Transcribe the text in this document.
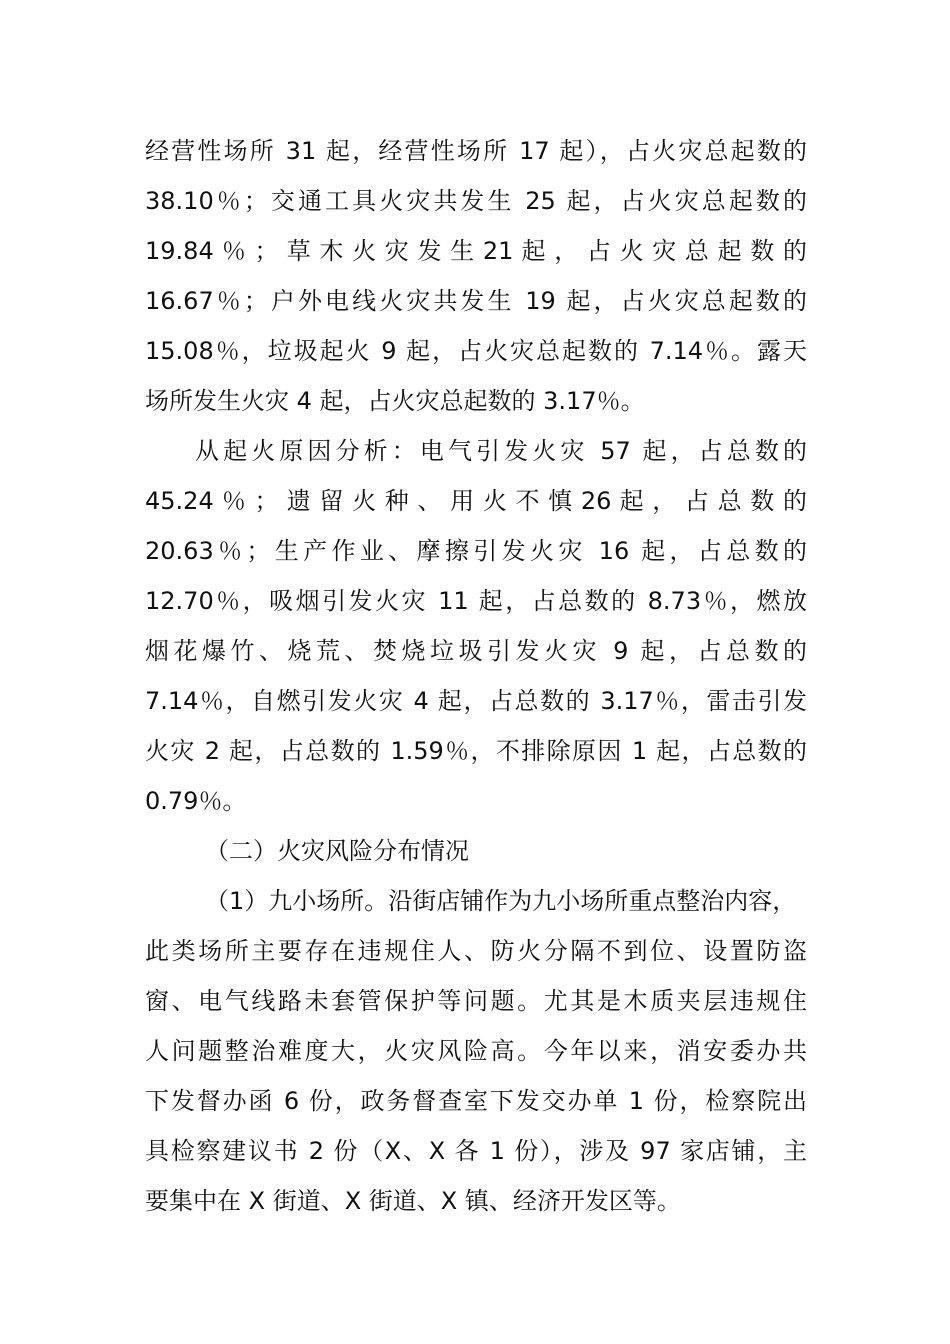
经营性场所 31 起，经营性场所 17 起），占火灾总起数的
38.10％；交通工具火灾共发生 25 起，占火灾总起数的
19.84 ％ ； 草 木 火 灾 发 生 21 起 ， 占 火 灾 总 起 数 的
16.67％；户外电线火灾共发生 19 起，占火灾总起数的
15.08％，垃圾起火 9 起，占火灾总起数的 7.14％。露天
场所发生火灾 4 起，占火灾总起数的 3.17％。
从起火原因分析：电气引发火灾 57 起，占总数的
45.24 ％ ； 遗 留 火 种 、 用 火 不 慎 26 起 ， 占 总 数 的
20.63％；生产作业、摩擦引发火灾 16 起，占总数的
12.70％，吸烟引发火灾 11 起，占总数的 8.73％，燃放
烟花爆竹、烧荒、焚烧垃圾引发火灾 9 起，占总数的
7.14％，自燃引发火灾 4 起，占总数的 3.17％，雷击引发
火灾 2 起，占总数的 1.59％，不排除原因 1 起，占总数的
0.79％。
（二）火灾风险分布情况
（1）九小场所。沿街店铺作为九小场所重点整治内容，
此类场所主要存在违规住人、防火分隔不到位、设置防盗
窗、电气线路未套管保护等问题。尤其是木质夹层违规住
人问题整治难度大，火灾风险高。今年以来，消安委办共
下发督办函 6 份，政务督查室下发交办单 1 份，检察院出
具检察建议书 2 份（X、X 各 1 份），涉及 97 家店铺，主
要集中在 X 街道、X 街道、X 镇、经济开发区等。
